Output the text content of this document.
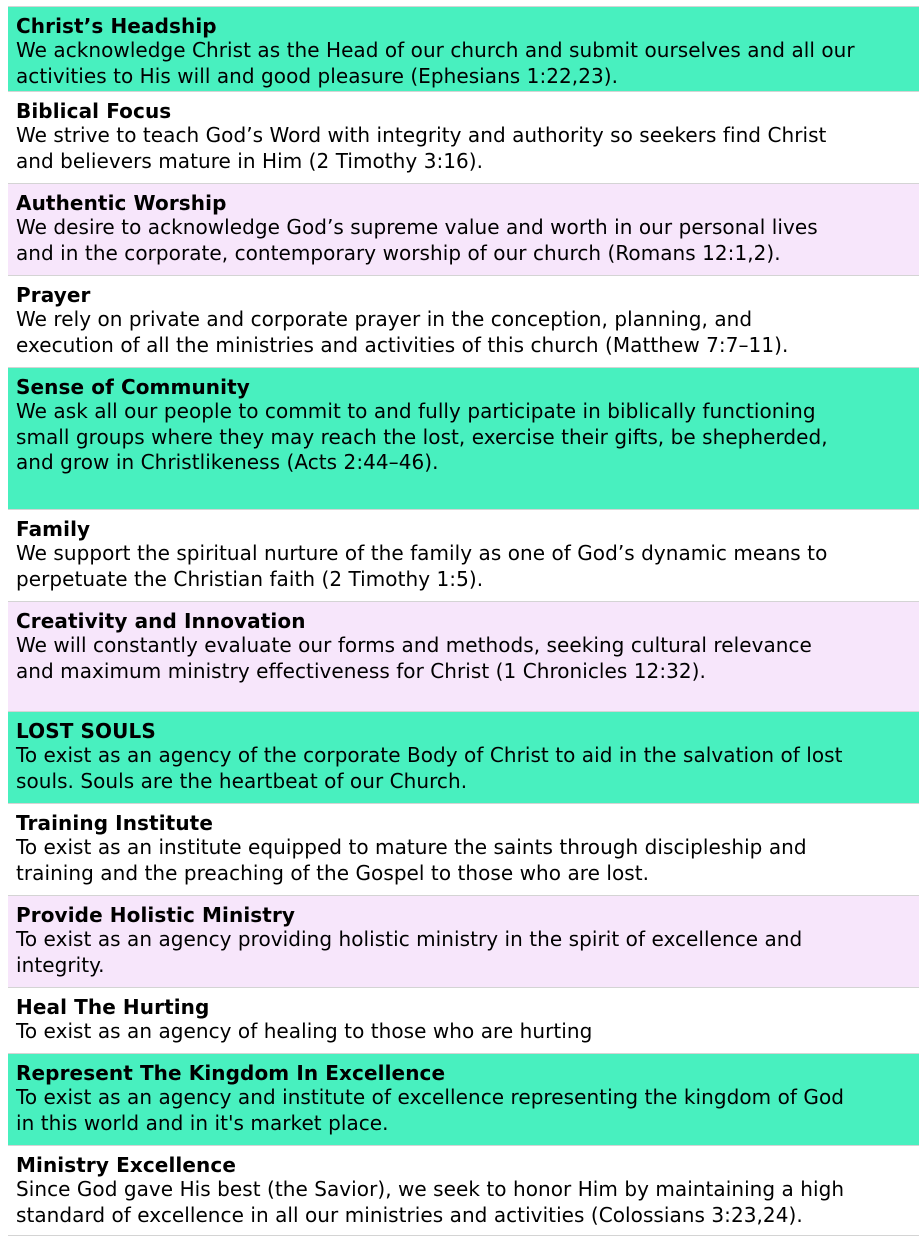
Christ’s Headship
We acknowledge Christ as the Head of our church and submit ourselves and all our
activities to His will and good pleasure (Ephesians 1:22,23).
Biblical Focus
We strive to teach God’s Word with integrity and authority so seekers find Christ
and believers mature in Him (2 Timothy 3:16).
Authentic Worship
We desire to acknowledge God’s supreme value and worth in our personal lives
and in the corporate, contemporary worship of our church (Romans 12:1,2).
Prayer
We rely on private and corporate prayer in the conception, planning, and
execution of all the ministries and activities of this church (Matthew 7:7–11).
Sense of Community
We ask all our people to commit to and fully participate in biblically functioning
small groups where they may reach the lost, exercise their gifts, be shepherded,
and grow in Christlikeness (Acts 2:44–46).
Family
We support the spiritual nurture of the family as one of God’s dynamic means to
perpetuate the Christian faith (2 Timothy 1:5).
Creativity and Innovation
We will constantly evaluate our forms and methods, seeking cultural relevance
and maximum ministry effectiveness for Christ (1 Chronicles 12:32).
LOST SOULS
To exist as an agency of the corporate Body of Christ to aid in the salvation of lost
souls. Souls are the heartbeat of our Church.
Training Institute
To exist as an institute equipped to mature the saints through discipleship and
training and the preaching of the Gospel to those who are lost.
Provide Holistic Ministry
To exist as an agency providing holistic ministry in the spirit of excellence and
integrity.
Heal The Hurting
To exist as an agency of healing to those who are hurting
Represent The Kingdom In Excellence
To exist as an agency and institute of excellence representing the kingdom of God
in this world and in it's market place.
Ministry Excellence
Since God gave His best (the Savior), we seek to honor Him by maintaining a high
standard of excellence in all our ministries and activities (Colossians 3:23,24).
